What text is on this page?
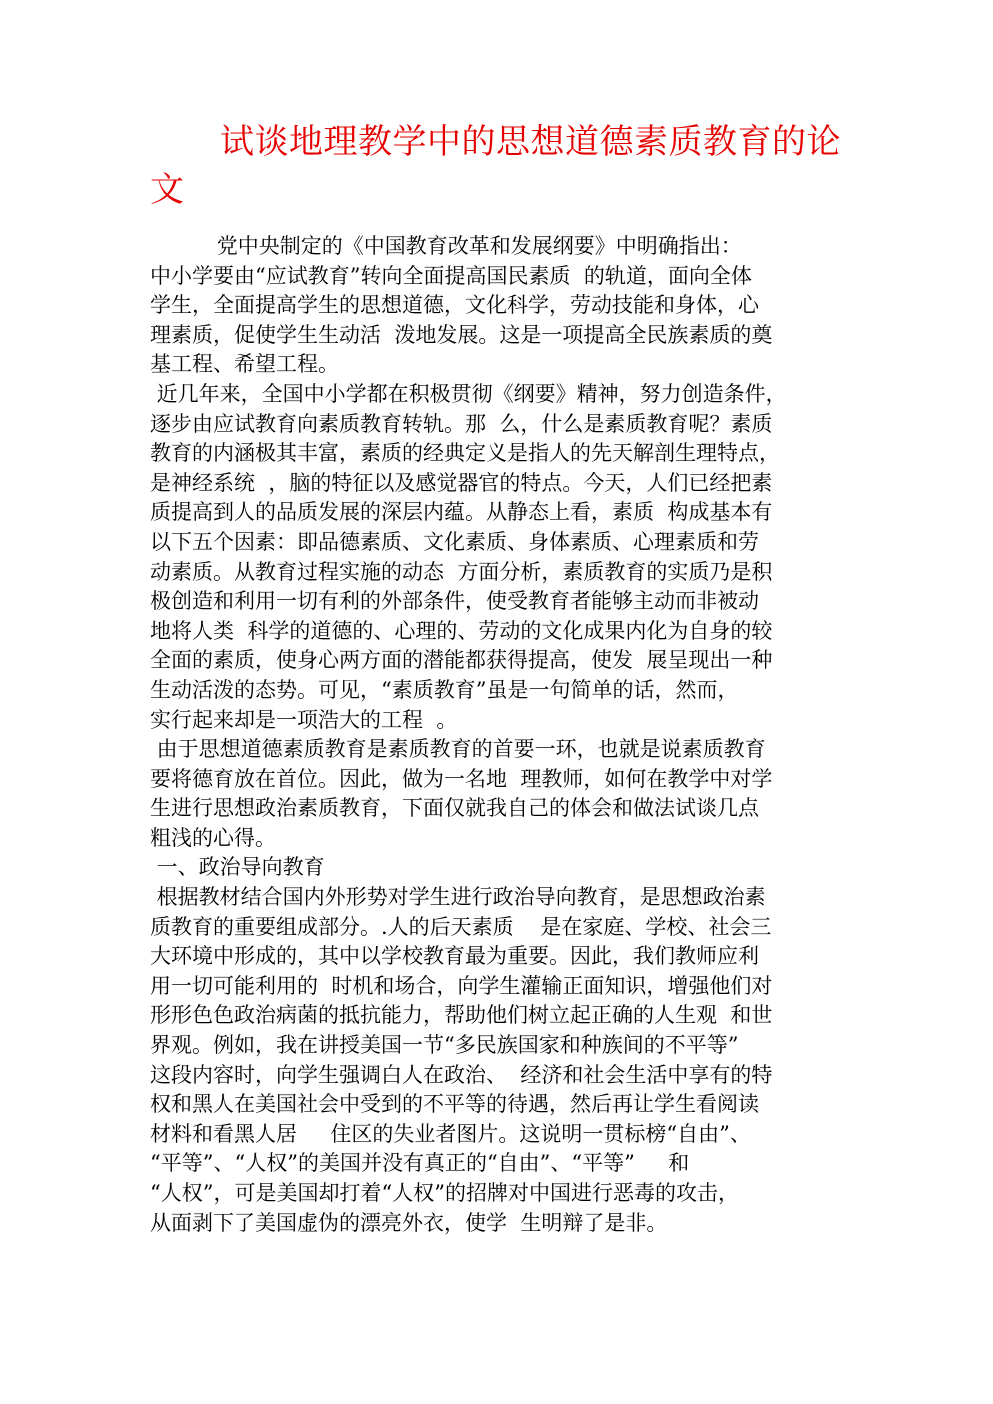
试谈地理教学中的思想道德素质教育的论文
党中央制定的《中国教育改革和发展纲要》中明确指出：
中小学要由“应试教育”转向全面提高国民素质  的轨道，面向全体
学生，全面提高学生的思想道德，文化科学，劳动技能和身体，心
理素质，促使学生生动活  泼地发展。这是一项提高全民族素质的奠
基工程、希望工程。
近几年来，全国中小学都在积极贯彻《纲要》精神，努力创造条件，
逐步由应试教育向素质教育转轨。那  么，什么是素质教育呢？素质
教育的内涵极其丰富，素质的经典定义是指人的先天解剖生理特点，
是神经系统  ，脑的特征以及感觉器官的特点。今天，人们已经把素
质提高到人的品质发展的深层内蕴。从静态上看，素质  构成基本有
以下五个因素：即品德素质、文化素质、身体素质、心理素质和劳
动素质。从教育过程实施的动态  方面分析，素质教育的实质乃是积
极创造和利用一切有利的外部条件，使受教育者能够主动而非被动
地将人类  科学的道德的、心理的、劳动的文化成果内化为自身的较
全面的素质，使身心两方面的潜能都获得提高，使发  展呈现出一种
生动活泼的态势。可见，“素质教育”虽是一句简单的话，然而，
实行起来却是一项浩大的工程  。
由于思想道德素质教育是素质教育的首要一环，也就是说素质教育
要将德育放在首位。因此，做为一名地  理教师，如何在教学中对学
生进行思想政治素质教育，下面仅就我自己的体会和做法试谈几点
粗浅的心得。
一、政治导向教育
根据教材结合国内外形势对学生进行政治导向教育，是思想政治素
质教育的重要组成部分。.人的后天素质    是在家庭、学校、社会三
大环境中形成的，其中以学校教育最为重要。因此，我们教师应利
用一切可能利用的  时机和场合，向学生灌输正面知识，增强他们对
形形色色政治病菌的抵抗能力，帮助他们树立起正确的人生观  和世
界观。例如，我在讲授美国一节“多民族国家和种族间的不平等”
这段内容时，向学生强调白人在政治、  经济和社会生活中享有的特
权和黑人在美国社会中受到的不平等的待遇，然后再让学生看阅读
材料和看黑人居     住区的失业者图片。这说明一贯标榜“自由”、
“平等”、“人权”的美国并没有真正的“自由”、“平等”     和
“人权”，可是美国却打着“人权”的招牌对中国进行恶毒的攻击，
从面剥下了美国虚伪的漂亮外衣，使学  生明辩了是非。
